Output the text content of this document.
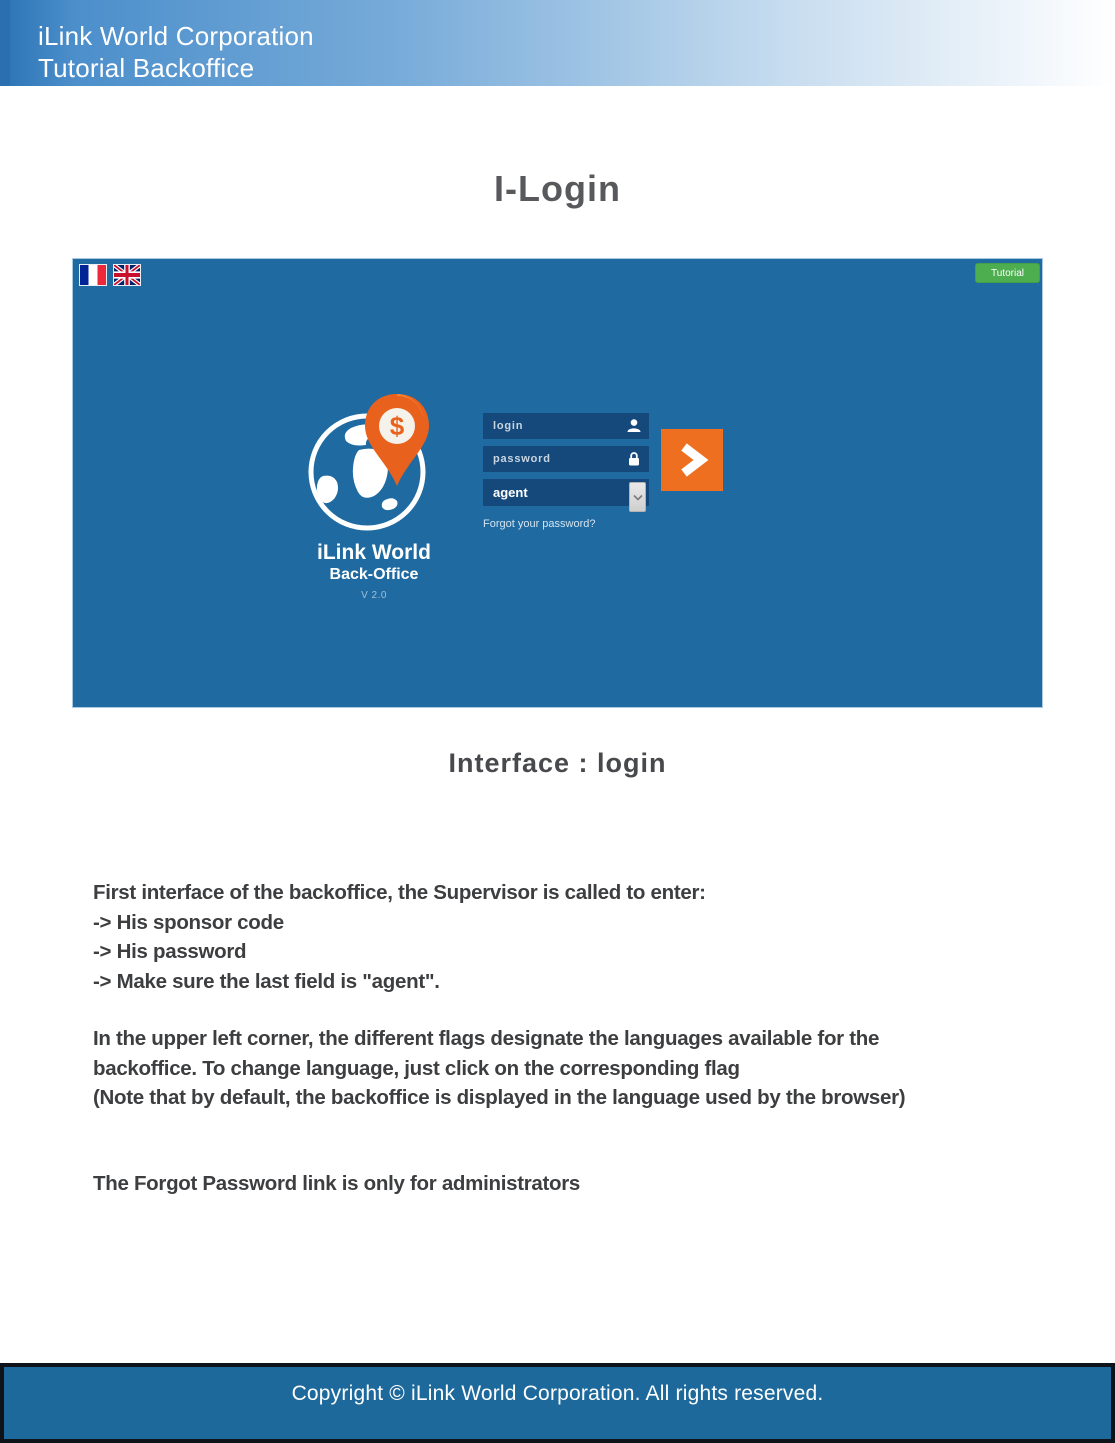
iLink World Corporation
Tutorial Backoffice
I-Login
Tutorial
$
iLink World
Back-Office
V 2.0
login
agent
Forgot your password?
Interface : login
First interface of the backoffice, the Supervisor is called to enter:
-> His sponsor code
-> His password
-> Make sure the last field is "agent".
In the upper left corner, the different flags designate the languages available for the
backoffice. To change language, just click on the corresponding flag
(Note that by default, the backoffice is displayed in the language used by the browser)
The Forgot Password link is only for administrators
Copyright © iLink World Corporation. All rights reserved.
